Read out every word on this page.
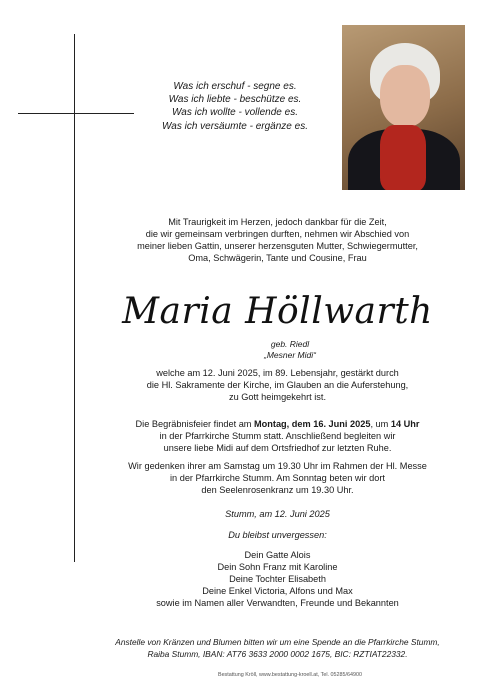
Was ich erschuf - segne es.
Was ich liebte - beschütze es.
Was ich wollte - vollende es.
Was ich versäumte - ergänze es.
Mit Traurigkeit im Herzen, jedoch dankbar für die Zeit,
die wir gemeinsam verbringen durften, nehmen wir Abschied von
meiner lieben Gattin, unserer herzensguten Mutter, Schwiegermutter,
Oma, Schwägerin, Tante und Cousine, Frau
Maria Höllwarth
geb. Riedl
„Mesner Midi“
welche am 12. Juni 2025, im 89. Lebensjahr, gestärkt durch
die Hl. Sakramente der Kirche, im Glauben an die Auferstehung,
zu Gott heimgekehrt ist.
Die Begräbnisfeier findet am Montag, dem 16. Juni 2025, um 14 Uhr
in der Pfarrkirche Stumm statt. Anschließend begleiten wir
unsere liebe Midi auf dem Ortsfriedhof zur letzten Ruhe.
Wir gedenken ihrer am Samstag um 19.30 Uhr im Rahmen der Hl. Messe
in der Pfarrkirche Stumm. Am Sonntag beten wir dort
den Seelenrosenkranz um 19.30 Uhr.
Stumm, am 12. Juni 2025
Du bleibst unvergessen:
Dein Gatte Alois
Dein Sohn Franz mit Karoline
Deine Tochter Elisabeth
Deine Enkel Victoria, Alfons und Max
sowie im Namen aller Verwandten, Freunde und Bekannten
Anstelle von Kränzen und Blumen bitten wir um eine Spende an die Pfarrkirche Stumm,
Raiba Stumm, IBAN: AT76 3633 2000 0002 1675, BIC: RZTIAT22332.
Bestattung Kröll, www.bestattung-kroell.at, Tel. 05285/64900
